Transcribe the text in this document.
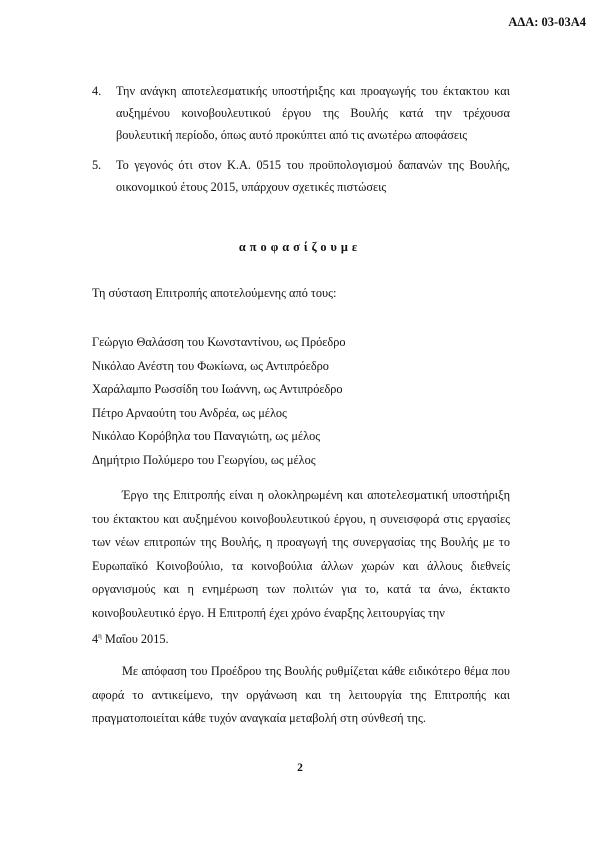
ΑΔΑ: 03-03Α4
4.	Την ανάγκη αποτελεσματικής υποστήριξης και προαγωγής του έκτακτου και αυξημένου κοινοβουλευτικού έργου της Βουλής κατά την τρέχουσα βουλευτική περίοδο, όπως αυτό προκύπτει από τις ανωτέρω αποφάσεις
5.	Το γεγονός ότι στον Κ.Α. 0515 του προϋπολογισμού δαπανών της Βουλής, οικονομικού έτους 2015, υπάρχουν σχετικές πιστώσεις
αποφασίζουμε
Τη σύσταση Επιτροπής αποτελούμενης από τους:
Γεώργιο Θαλάσση του Κωνσταντίνου, ως Πρόεδρο
Νικόλαο Ανέστη του Φωκίωνα, ως Αντιπρόεδρο
Χαράλαμπο Ρωσσίδη του Ιωάννη, ως Αντιπρόεδρο
Πέτρο Αρναούτη του Ανδρέα, ως μέλος
Νικόλαο Κορόβηλα του Παναγιώτη, ως μέλος
Δημήτριο Πολύμερο του Γεωργίου, ως μέλος
Έργο της Επιτροπής είναι η ολοκληρωμένη και αποτελεσματική υποστήριξη του έκτακτου και αυξημένου κοινοβουλευτικού έργου, η συνεισφορά στις εργασίες των νέων επιτροπών της Βουλής, η προαγωγή της συνεργασίας της Βουλής με το Ευρωπαϊκό Κοινοβούλιο, τα κοινοβούλια άλλων χωρών και άλλους διεθνείς οργανισμούς και η ενημέρωση των πολιτών για το, κατά τα άνω, έκτακτο κοινοβουλευτικό έργο. Η Επιτροπή έχει χρόνο έναρξης λειτουργίας την
$4^\eta$ Μαΐου 2015.
Με απόφαση του Προέδρου της Βουλής ρυθμίζεται κάθε ειδικότερο θέμα που αφορά το αντικείμενο, την οργάνωση και τη λειτουργία της Επιτροπής και πραγματοποιείται κάθε τυχόν αναγκαία μεταβολή στη σύνθεσή της.
2
